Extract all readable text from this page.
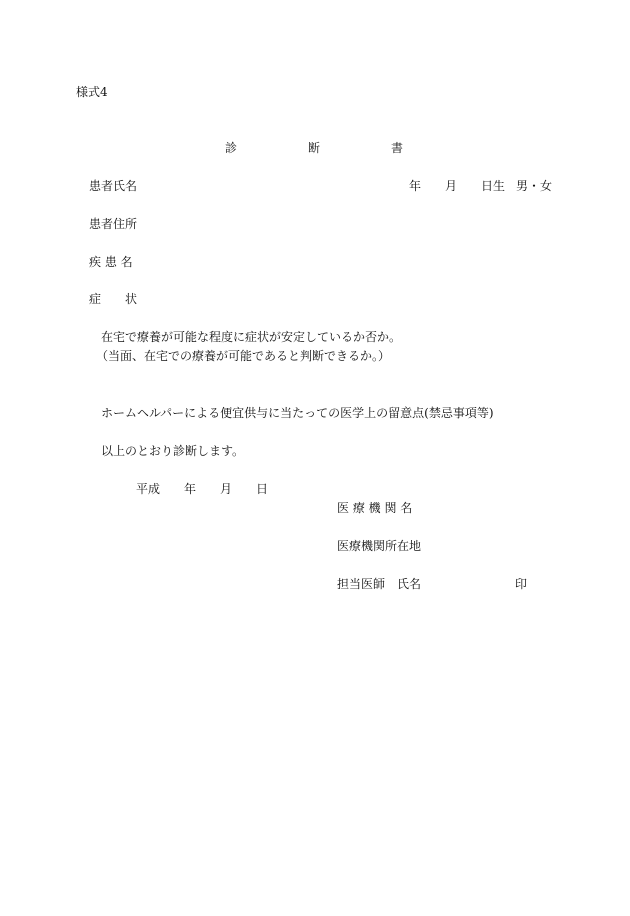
様式4
診	断	書
患者氏名	年 月 日生 男・女
患者住所
疾 患 名
症　　状
在宅で療養が可能な程度に症状が安定しているか否か。
（当面、在宅での療養が可能であると判断できるか。）
ホームヘルパーによる便宜供与に当たっての医学上の留意点(禁忌事項等)
以上のとおり診断します。
平成 年 月 日
医 療 機 関 名
医療機関所在地
担当医師　氏名	印
